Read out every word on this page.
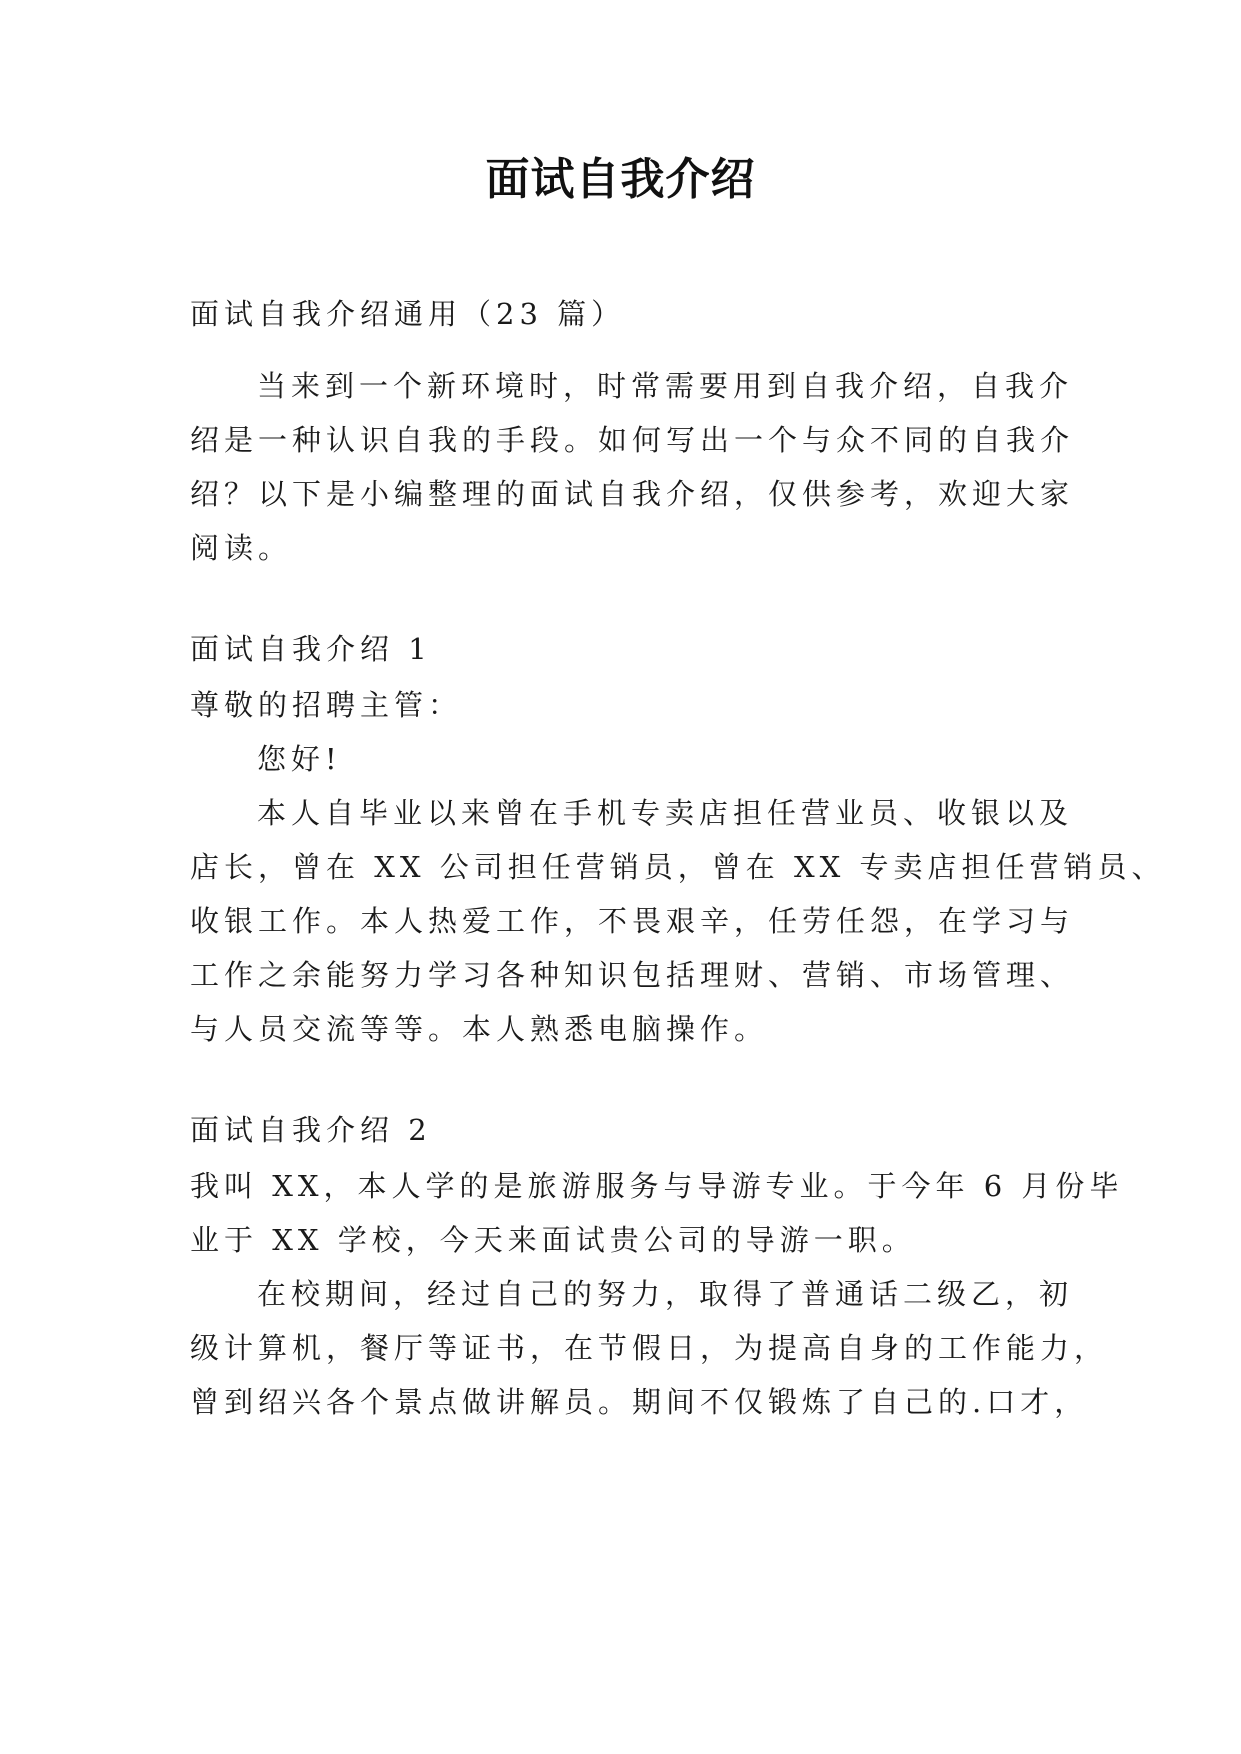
面试自我介绍
面试自我介绍通用（23 篇）
当来到一个新环境时，时常需要用到自我介绍，自我介
绍是一种认识自我的手段。如何写出一个与众不同的自我介
绍？以下是小编整理的面试自我介绍，仅供参考，欢迎大家
阅读。
面试自我介绍 1
尊敬的招聘主管：
您好!
本人自毕业以来曾在手机专卖店担任营业员、收银以及
店长，曾在 XX 公司担任营销员，曾在 XX 专卖店担任营销员、
收银工作。本人热爱工作，不畏艰辛，任劳任怨，在学习与
工作之余能努力学习各种知识包括理财、营销、市场管理、
与人员交流等等。本人熟悉电脑操作。
面试自我介绍 2
我叫 XX，本人学的是旅游服务与导游专业。于今年 6 月份毕
业于 XX 学校，今天来面试贵公司的导游一职。
在校期间，经过自己的努力，取得了普通话二级乙，初
级计算机，餐厅等证书，在节假日，为提高自身的工作能力，
曾到绍兴各个景点做讲解员。期间不仅锻炼了自己的.口才，
